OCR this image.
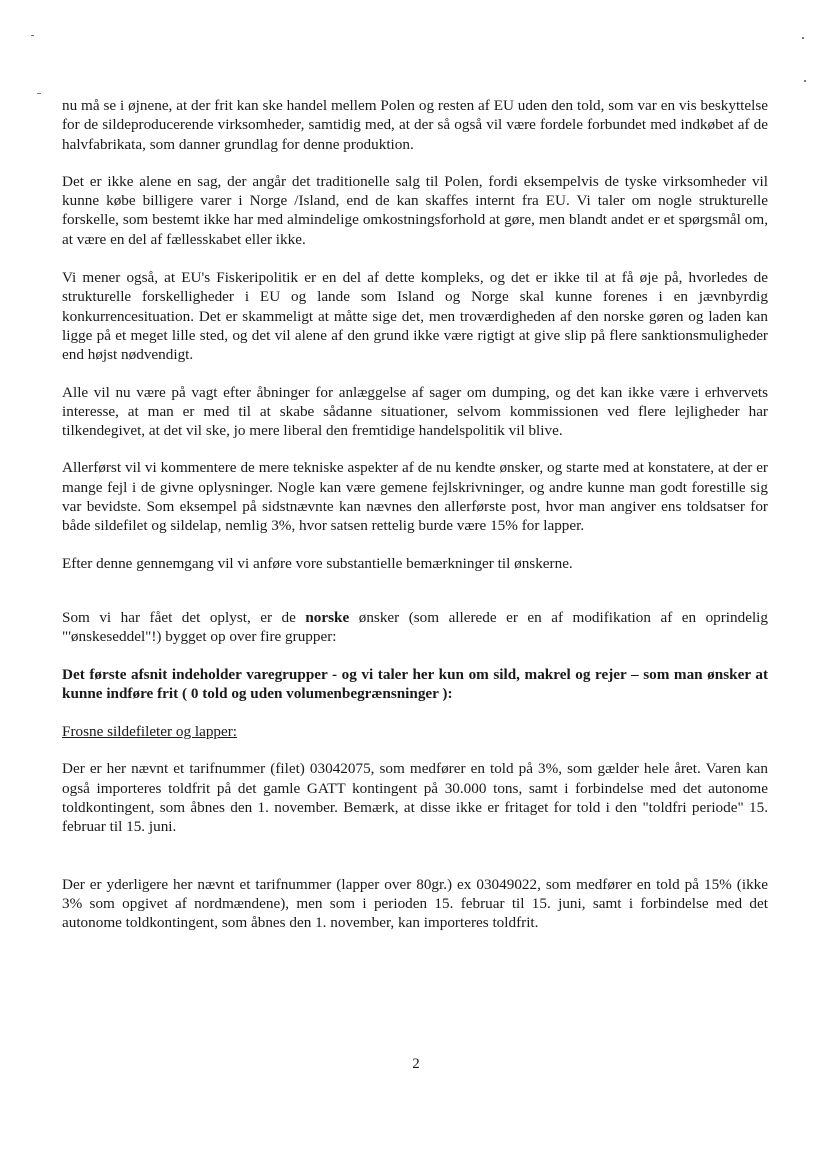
nu må se i øjnene, at der frit kan ske handel mellem Polen og resten af EU uden den told, som var en vis beskyttelse for de sildeproducerende virksomheder, samtidig med, at der så også vil være fordele forbundet med indkøbet af de halvfabrikata, som danner grundlag for denne produktion.

Det er ikke alene en sag, der angår det traditionelle salg til Polen, fordi eksempelvis de tyske virksomheder vil kunne købe billigere varer i Norge /Island, end de kan skaffes internt fra EU. Vi taler om nogle strukturelle forskelle, som bestemt ikke har med almindelige omkostningsforhold at gøre, men blandt andet er et spørgsmål om, at være en del af fællesskabet eller ikke.

Vi mener også, at EU's Fiskeripolitik er en del af dette kompleks, og det er ikke til at få øje på, hvorledes de strukturelle forskelligheder i EU og lande som Island og Norge skal kunne forenes i en jævnbyrdig konkurrencesituation. Det er skammeligt at måtte sige det, men troværdigheden af den norske gøren og laden kan ligge på et meget lille sted, og det vil alene af den grund ikke være rigtigt at give slip på flere sanktionsmuligheder end højst nødvendigt.

Alle vil nu være på vagt efter åbninger for anlæggelse af sager om dumping, og det kan ikke være i erhvervets interesse, at man er med til at skabe sådanne situationer, selvom kommissionen ved flere lejligheder har tilkendegivet, at det vil ske, jo mere liberal den fremtidige handelspolitik vil blive.

Allerførst vil vi kommentere de mere tekniske aspekter af de nu kendte ønsker, og starte med at konstatere, at der er mange fejl i de givne oplysninger. Nogle kan være gemene fejlskrivninger, og andre kunne man godt forestille sig var bevidste. Som eksempel på sidstnævnte kan nævnes den allerførste post, hvor man angiver ens toldsatser for både sildefilet og sildelap, nemlig 3%, hvor satsen rettelig burde være 15% for lapper.

Efter denne gennemgang vil vi anføre vore substantielle bemærkninger til ønskerne.

Som vi har fået det oplyst, er de norske ønsker (som allerede er en af modifikation af en oprindelig "'ønskeseddel"!) bygget op over fire grupper:

Det første afsnit indeholder varegrupper - og vi taler her kun om sild, makrel og rejer – som man ønsker at kunne indføre frit ( 0 told og uden volumenbegrænsninger ):

Frosne sildefileter og lapper:

Der er her nævnt et tarifnummer (filet) 03042075, som medfører en told på 3%, som gælder hele året. Varen kan også importeres toldfrit på det gamle GATT kontingent på 30.000 tons, samt i forbindelse med det autonome toldkontingent, som åbnes den 1. november. Bemærk, at disse ikke er fritaget for told i den "toldfri periode" 15. februar til 15. juni.

Der er yderligere her nævnt et tarifnummer (lapper over 80gr.) ex 03049022, som medfører en told på 15% (ikke 3% som opgivet af nordmændene), men som i perioden 15. februar til 15. juni, samt i forbindelse med det autonome toldkontingent, som åbnes den 1. november, kan importeres toldfrit.

2
